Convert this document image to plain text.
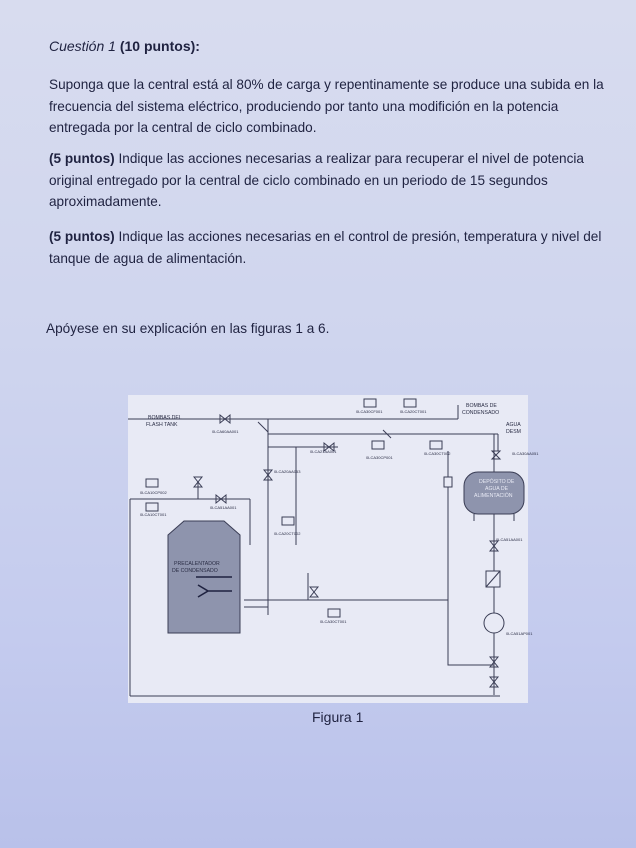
Cuestión 1 (10 puntos):
Suponga que la central está al 80% de carga y repentinamente se produce una subida en la frecuencia del sistema eléctrico, produciendo por tanto una modifición en la potencia entregada por la central de ciclo combinado.
(5 puntos) Indique las acciones necesarias a realizar para recuperar el nivel de potencia original entregado por la central de ciclo combinado en un periodo de 15 segundos aproximadamente.
(5 puntos) Indique las acciones necesarias en el control de presión, temperatura y nivel del tanque de agua de alimentación.
Apóyese en su explicación en las figuras 1 a 6.
BOMBAS DEL
FLASH TANK
BOMBAS DE
CONDENSADO
AGUA
DESM
DEPÓSITO DE
AGUA DE
ALIMENTACIÓN
PRECALENTADOR
DE CONDENSADO
0LCA60AA001
0LCA30CF001	0LCA20CT001
0LCA21AA001
0LCA30CP001
0LCA30CT002
0LCA20AA053
0LCA10CP002
0LCA10CT001
0LCA51AA001
0LCA20CT002
0LCA30AA051
0LCA51AA001
0LCA30CT001
0LCA51AP001
Figura 1
